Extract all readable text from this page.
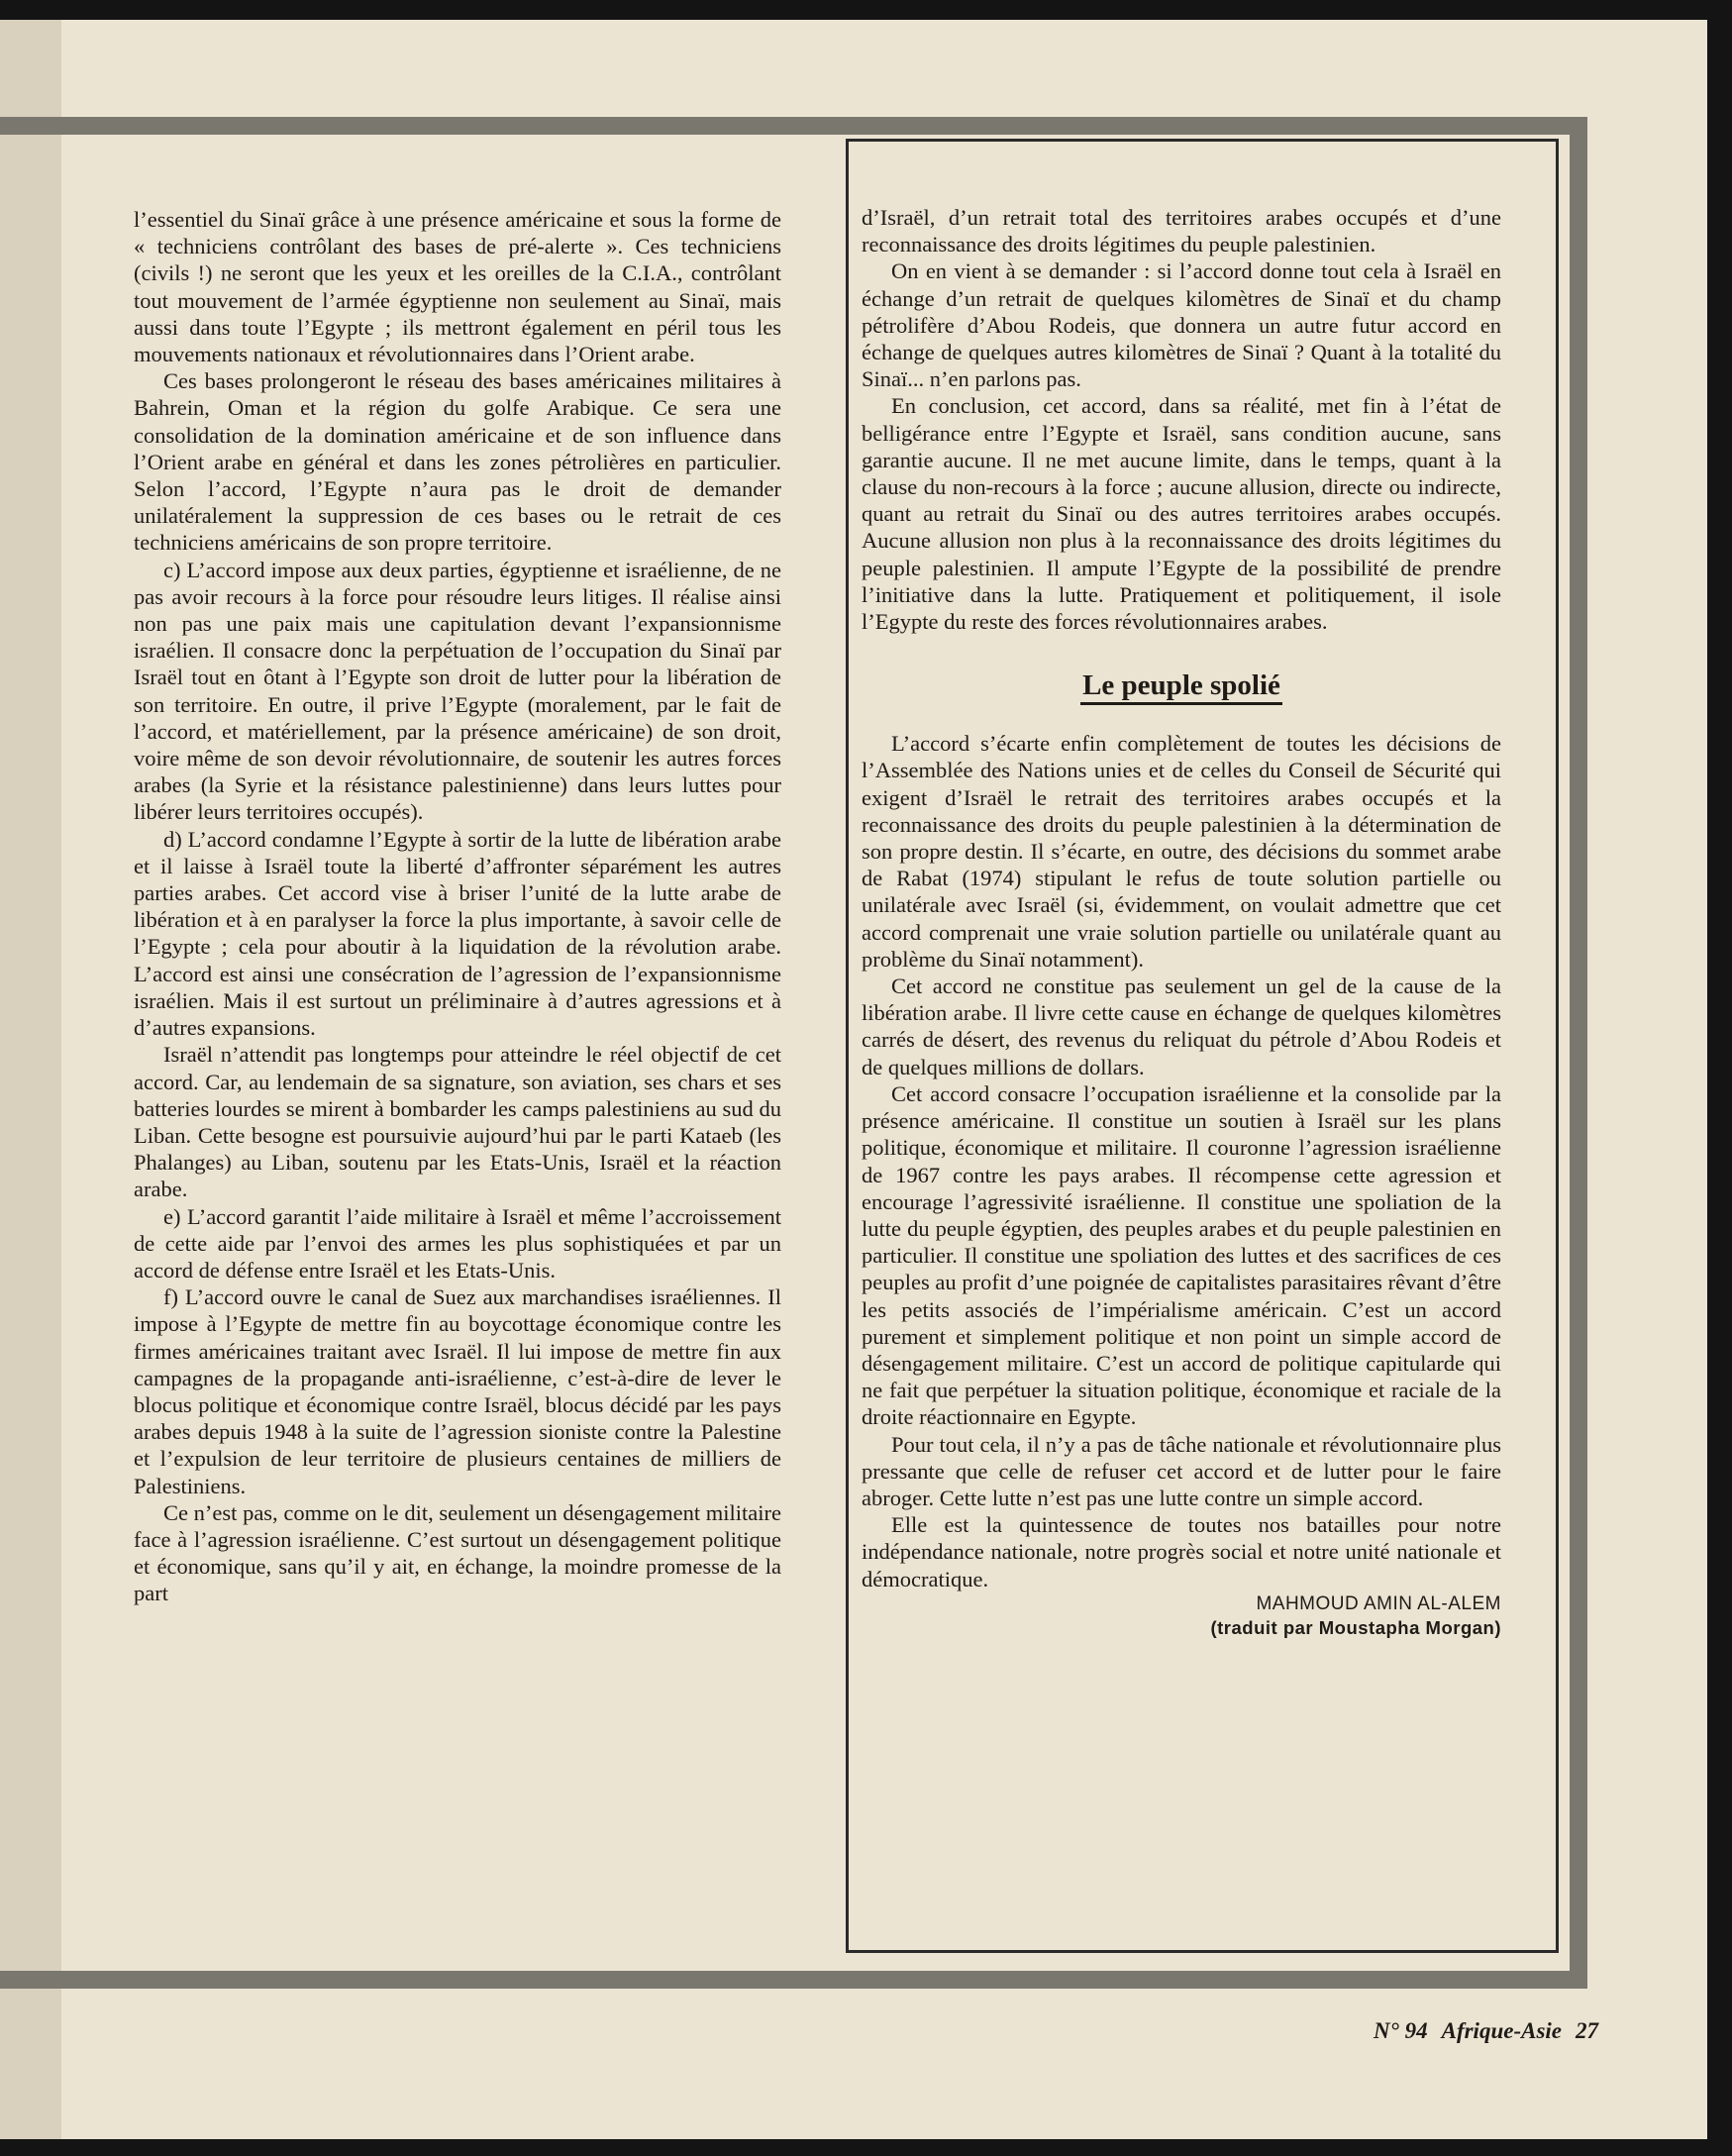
l’essentiel du Sinaï grâce à une présence américaine et sous la forme de « techniciens contrôlant des bases de pré-alerte ». Ces techniciens (civils !) ne seront que les yeux et les oreilles de la C.I.A., contrôlant tout mouvement de l’armée égyptienne non seulement au Sinaï, mais aussi dans toute l’Egypte ; ils mettront également en péril tous les mouvements nationaux et révolutionnaires dans l’Orient arabe.

Ces bases prolongeront le réseau des bases américaines militaires à Bahrein, Oman et la région du golfe Arabique. Ce sera une consolidation de la domination américaine et de son influence dans l’Orient arabe en général et dans les zones pétrolières en particulier. Selon l’accord, l’Egypte n’aura pas le droit de demander unilatéralement la suppression de ces bases ou le retrait de ces techniciens américains de son propre territoire.

c) L’accord impose aux deux parties, égyptienne et israélienne, de ne pas avoir recours à la force pour résoudre leurs litiges. Il réalise ainsi non pas une paix mais une capitulation devant l’expansionnisme israélien. Il consacre donc la perpétuation de l’occupation du Sinaï par Israël tout en ôtant à l’Egypte son droit de lutter pour la libération de son territoire. En outre, il prive l’Egypte (moralement, par le fait de l’accord, et matériellement, par la présence américaine) de son droit, voire même de son devoir révolutionnaire, de soutenir les autres forces arabes (la Syrie et la résistance palestinienne) dans leurs luttes pour libérer leurs territoires occupés).

d) L’accord condamne l’Egypte à sortir de la lutte de libération arabe et il laisse à Israël toute la liberté d’affronter séparément les autres parties arabes. Cet accord vise à briser l’unité de la lutte arabe de libération et à en paralyser la force la plus importante, à savoir celle de l’Egypte ; cela pour aboutir à la liquidation de la révolution arabe. L’accord est ainsi une consécration de l’agression de l’expansionnisme israélien. Mais il est surtout un préliminaire à d’autres agressions et à d’autres expansions.

Israël n’attendit pas longtemps pour atteindre le réel objectif de cet accord. Car, au lendemain de sa signature, son aviation, ses chars et ses batteries lourdes se mirent à bombarder les camps palestiniens au sud du Liban. Cette besogne est poursuivie aujourd’hui par le parti Kataeb (les Phalanges) au Liban, soutenu par les Etats-Unis, Israël et la réaction arabe.

e) L’accord garantit l’aide militaire à Israël et même l’accroissement de cette aide par l’envoi des armes les plus sophistiquées et par un accord de défense entre Israël et les Etats-Unis.

f) L’accord ouvre le canal de Suez aux marchandises israéliennes. Il impose à l’Egypte de mettre fin au boycottage économique contre les firmes américaines traitant avec Israël. Il lui impose de mettre fin aux campagnes de la propagande anti-israélienne, c’est-à-dire de lever le blocus politique et économique contre Israël, blocus décidé par les pays arabes depuis 1948 à la suite de l’agression sioniste contre la Palestine et l’expulsion de leur territoire de plusieurs centaines de milliers de Palestiniens.

Ce n’est pas, comme on le dit, seulement un désengagement militaire face à l’agression israélienne. C’est surtout un désengagement politique et économique, sans qu’il y ait, en échange, la moindre promesse de la part

d’Israël, d’un retrait total des territoires arabes occupés et d’une reconnaissance des droits légitimes du peuple palestinien.

On en vient à se demander : si l’accord donne tout cela à Israël en échange d’un retrait de quelques kilomètres de Sinaï et du champ pétrolifère d’Abou Rodeis, que donnera un autre futur accord en échange de quelques autres kilomètres de Sinaï ? Quant à la totalité du Sinaï... n’en parlons pas.

En conclusion, cet accord, dans sa réalité, met fin à l’état de belligérance entre l’Egypte et Israël, sans condition aucune, sans garantie aucune. Il ne met aucune limite, dans le temps, quant à la clause du non-recours à la force ; aucune allusion, directe ou indirecte, quant au retrait du Sinaï ou des autres territoires arabes occupés. Aucune allusion non plus à la reconnaissance des droits légitimes du peuple palestinien. Il ampute l’Egypte de la possibilité de prendre l’initiative dans la lutte. Pratiquement et politiquement, il isole l’Egypte du reste des forces révolutionnaires arabes.

Le peuple spolié

L’accord s’écarte enfin complètement de toutes les décisions de l’Assemblée des Nations unies et de celles du Conseil de Sécurité qui exigent d’Israël le retrait des territoires arabes occupés et la reconnaissance des droits du peuple palestinien à la détermination de son propre destin. Il s’écarte, en outre, des décisions du sommet arabe de Rabat (1974) stipulant le refus de toute solution partielle ou unilatérale avec Israël (si, évidemment, on voulait admettre que cet accord comprenait une vraie solution partielle ou unilatérale quant au problème du Sinaï notamment).

Cet accord ne constitue pas seulement un gel de la cause de la libération arabe. Il livre cette cause en échange de quelques kilomètres carrés de désert, des revenus du reliquat du pétrole d’Abou Rodeis et de quelques millions de dollars.

Cet accord consacre l’occupation israélienne et la consolide par la présence américaine. Il constitue un soutien à Israël sur les plans politique, économique et militaire. Il couronne l’agression israélienne de 1967 contre les pays arabes. Il récompense cette agression et encourage l’agressivité israélienne. Il constitue une spoliation de la lutte du peuple égyptien, des peuples arabes et du peuple palestinien en particulier. Il constitue une spoliation des luttes et des sacrifices de ces peuples au profit d’une poignée de capitalistes parasitaires rêvant d’être les petits associés de l’impérialisme américain. C’est un accord purement et simplement politique et non point un simple accord de désengagement militaire. C’est un accord de politique capitularde qui ne fait que perpétuer la situation politique, économique et raciale de la droite réactionnaire en Egypte.

Pour tout cela, il n’y a pas de tâche nationale et révolutionnaire plus pressante que celle de refuser cet accord et de lutter pour le faire abroger. Cette lutte n’est pas une lutte contre un simple accord.

Elle est la quintessence de toutes nos batailles pour notre indépendance nationale, notre progrès social et notre unité nationale et démocratique.

MAHMOUD AMIN AL-ALEM
(traduit par Moustapha Morgan)
N° 94 Afrique-Asie 27
